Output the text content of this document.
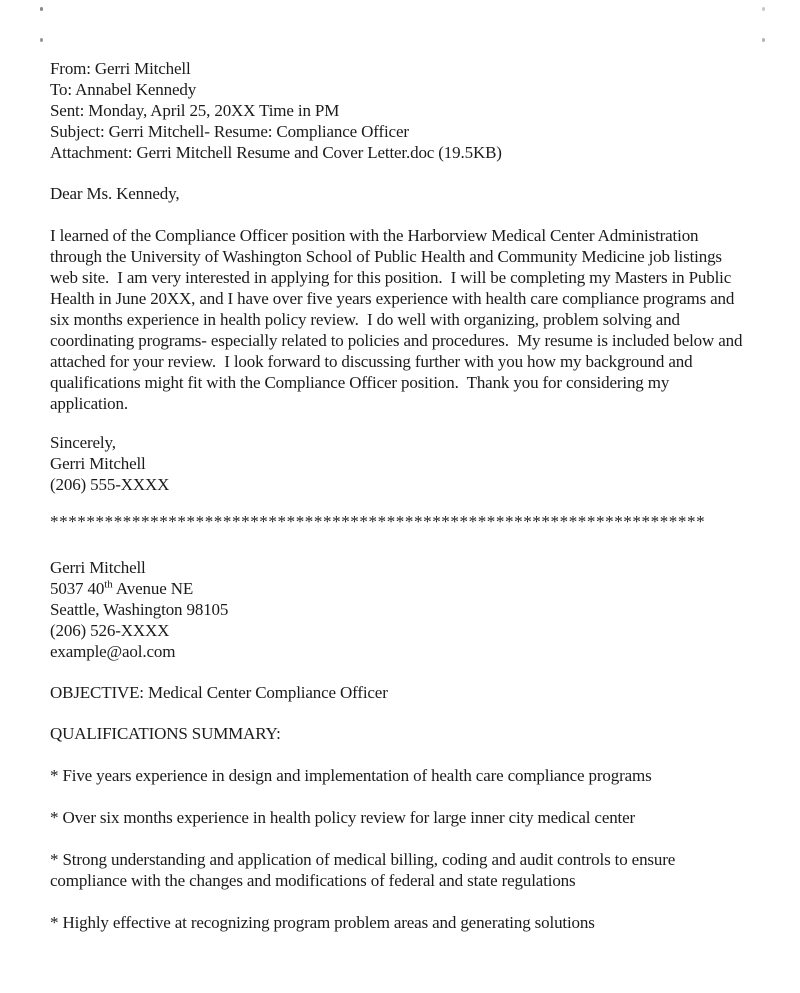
From: Gerri Mitchell
To: Annabel Kennedy
Sent: Monday, April 25, 20XX Time in PM
Subject: Gerri Mitchell- Resume: Compliance Officer
Attachment: Gerri Mitchell Resume and Cover Letter.doc (19.5KB)
Dear Ms. Kennedy,
I learned of the Compliance Officer position with the Harborview Medical Center Administration through the University of Washington School of Public Health and Community Medicine job listings web site.  I am very interested in applying for this position.  I will be completing my Masters in Public Health in June 20XX, and I have over five years experience with health care compliance programs and six months experience in health policy review.  I do well with organizing, problem solving and coordinating programs- especially related to policies and procedures.  My resume is included below and attached for your review.  I look forward to discussing further with you how my background and qualifications might fit with the Compliance Officer position.  Thank you for considering my application.
Sincerely,
Gerri Mitchell
(206) 555-XXXX
************************************************************************
Gerri Mitchell
5037 40th Avenue NE
Seattle, Washington 98105
(206) 526-XXXX
example@aol.com
OBJECTIVE: Medical Center Compliance Officer
QUALIFICATIONS SUMMARY:
* Five years experience in design and implementation of health care compliance programs
* Over six months experience in health policy review for large inner city medical center
* Strong understanding and application of medical billing, coding and audit controls to ensure compliance with the changes and modifications of federal and state regulations
* Highly effective at recognizing program problem areas and generating solutions
